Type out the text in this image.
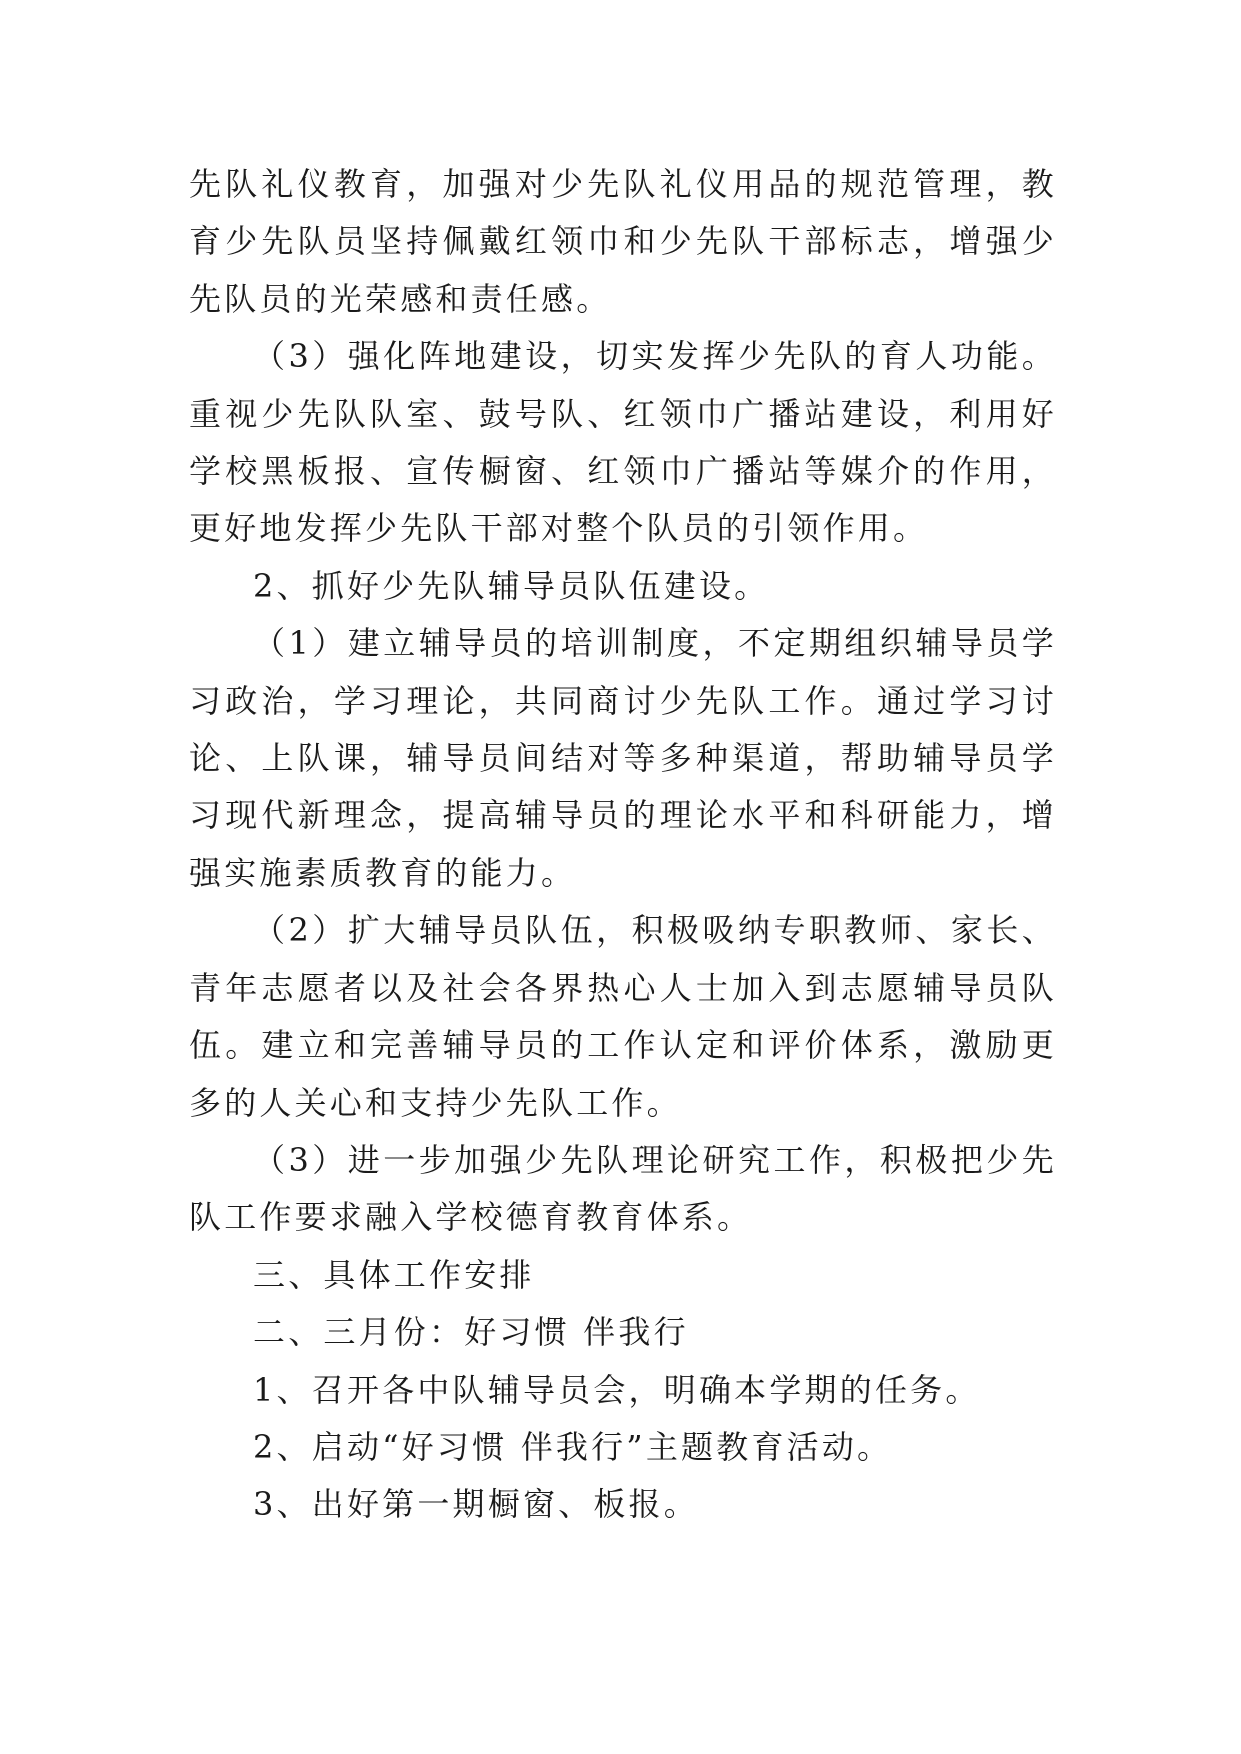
先队礼仪教育，加强对少先队礼仪用品的规范管理，教育少先队员坚持佩戴红领巾和少先队干部标志，增强少先队员的光荣感和责任感。

（3）强化阵地建设，切实发挥少先队的育人功能。重视少先队队室、鼓号队、红领巾广播站建设，利用好学校黑板报、宣传橱窗、红领巾广播站等媒介的作用，更好地发挥少先队干部对整个队员的引领作用。

2、抓好少先队辅导员队伍建设。

（1）建立辅导员的培训制度，不定期组织辅导员学习政治，学习理论，共同商讨少先队工作。通过学习讨论、上队课，辅导员间结对等多种渠道，帮助辅导员学习现代新理念，提高辅导员的理论水平和科研能力，增强实施素质教育的能力。

（2）扩大辅导员队伍，积极吸纳专职教师、家长、青年志愿者以及社会各界热心人士加入到志愿辅导员队伍。建立和完善辅导员的工作认定和评价体系，激励更多的人关心和支持少先队工作。

（3）进一步加强少先队理论研究工作，积极把少先队工作要求融入学校德育教育体系。

三、具体工作安排

二、三月份：好习惯 伴我行

1、召开各中队辅导员会，明确本学期的任务。

2、启动“好习惯 伴我行”主题教育活动。

3、出好第一期橱窗、板报。
